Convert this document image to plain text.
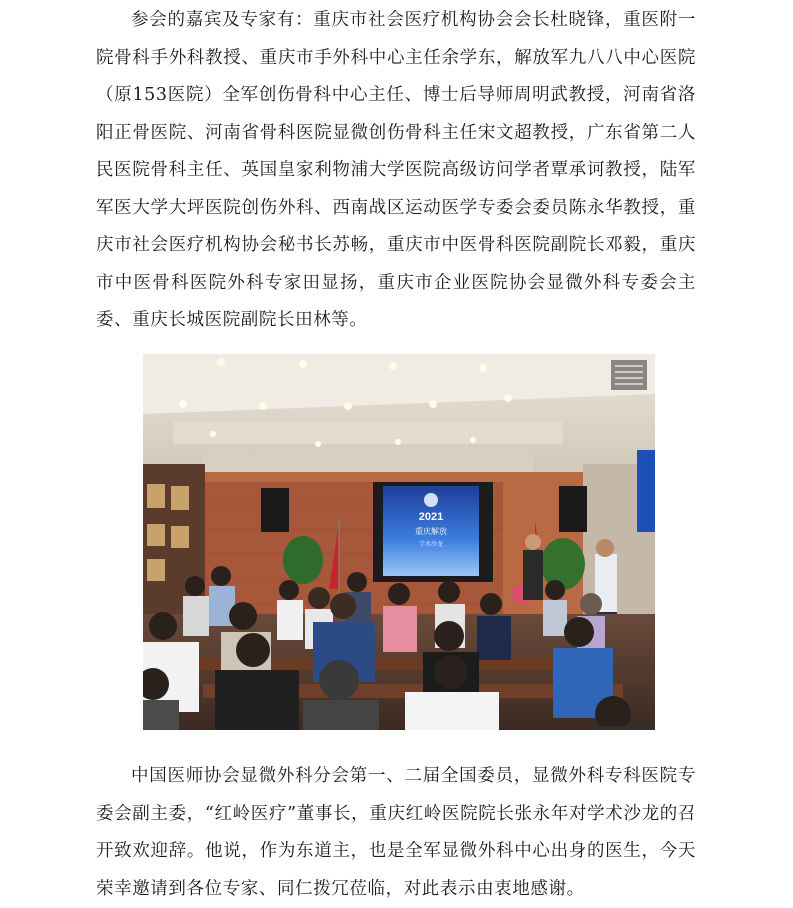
参会的嘉宾及专家有：重庆市社会医疗机构协会会长杜晓锋，重医附一院骨科手外科教授、重庆市手外科中心主任余学东，解放军九八八中心医院（原153医院）全军创伤骨科中心主任、博士后导师周明武教授，河南省洛阳正骨医院、河南省骨科医院显微创伤骨科主任宋文超教授，广东省第二人民医院骨科主任、英国皇家利物浦大学医院高级访问学者覃承诃教授，陆军军医大学大坪医院创伤外科、西南战区运动医学专委会委员陈永华教授，重庆市社会医疗机构协会秘书长苏畅，重庆市中医骨科医院副院长邓毅，重庆市中医骨科医院外科专家田显扬，重庆市企业医院协会显微外科专委会主委、重庆长城医院副院长田林等。

2021
重庆解放
学术沙龙

中国医师协会显微外科分会第一、二届全国委员，显微外科专科医院专委会副主委，“红岭医疗”董事长，重庆红岭医院院长张永年对学术沙龙的召开致欢迎辞。他说，作为东道主，也是全军显微外科中心出身的医生，今天荣幸邀请到各位专家、同仁拨冗莅临，对此表示由衷地感谢。
